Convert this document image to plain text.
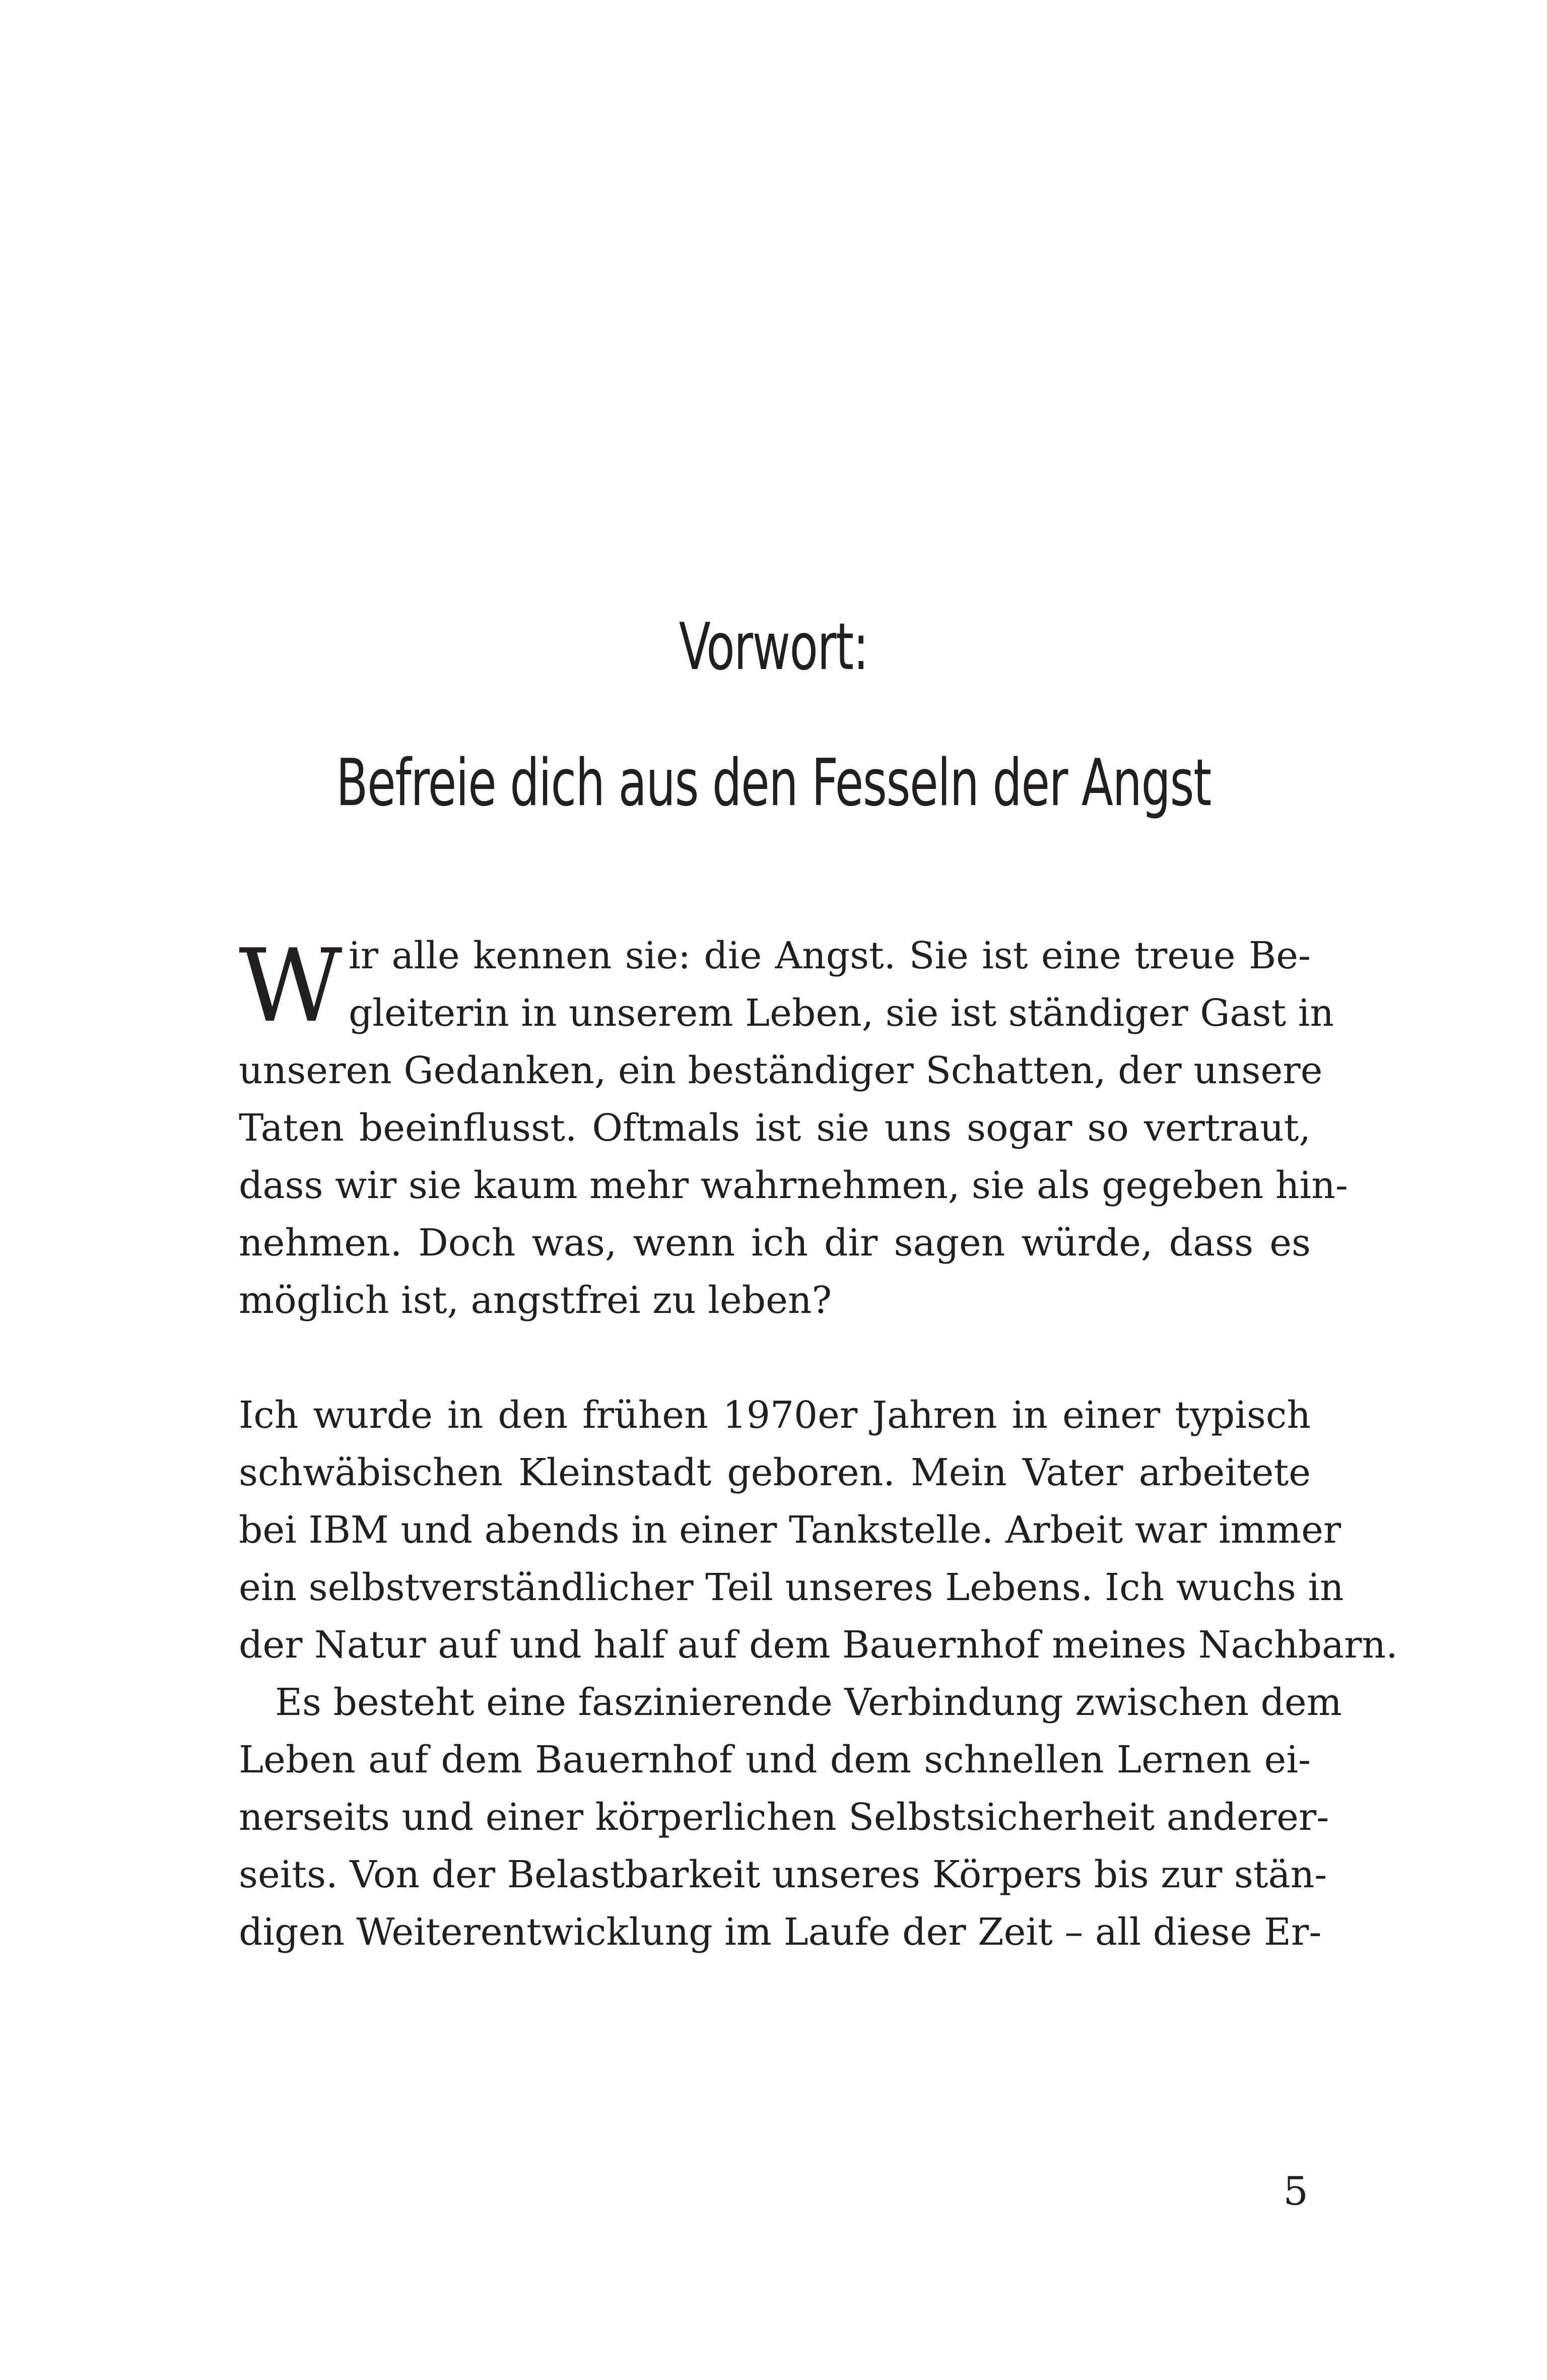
Vorwort:
Befreie dich aus den Fesseln der Angst
W ir alle kennen sie: die Angst. Sie ist eine treue Be-
gleiterin in unserem Leben, sie ist ständiger Gast in
unseren Gedanken, ein beständiger Schatten, der unsere
Taten beeinflusst. Oftmals ist sie uns sogar so vertraut,
dass wir sie kaum mehr wahrnehmen, sie als gegeben hin-
nehmen. Doch was, wenn ich dir sagen würde, dass es
möglich ist, angstfrei zu leben?
Ich wurde in den frühen 1970er Jahren in einer typisch
schwäbischen Kleinstadt geboren. Mein Vater arbeitete
bei IBM und abends in einer Tankstelle. Arbeit war immer
ein selbstverständlicher Teil unseres Lebens. Ich wuchs in
der Natur auf und half auf dem Bauernhof meines Nachbarn.
Es besteht eine faszinierende Verbindung zwischen dem
Leben auf dem Bauernhof und dem schnellen Lernen ei-
nerseits und einer körperlichen Selbstsicherheit anderer-
seits. Von der Belastbarkeit unseres Körpers bis zur stän-
digen Weiterentwicklung im Laufe der Zeit – all diese Er-
5
